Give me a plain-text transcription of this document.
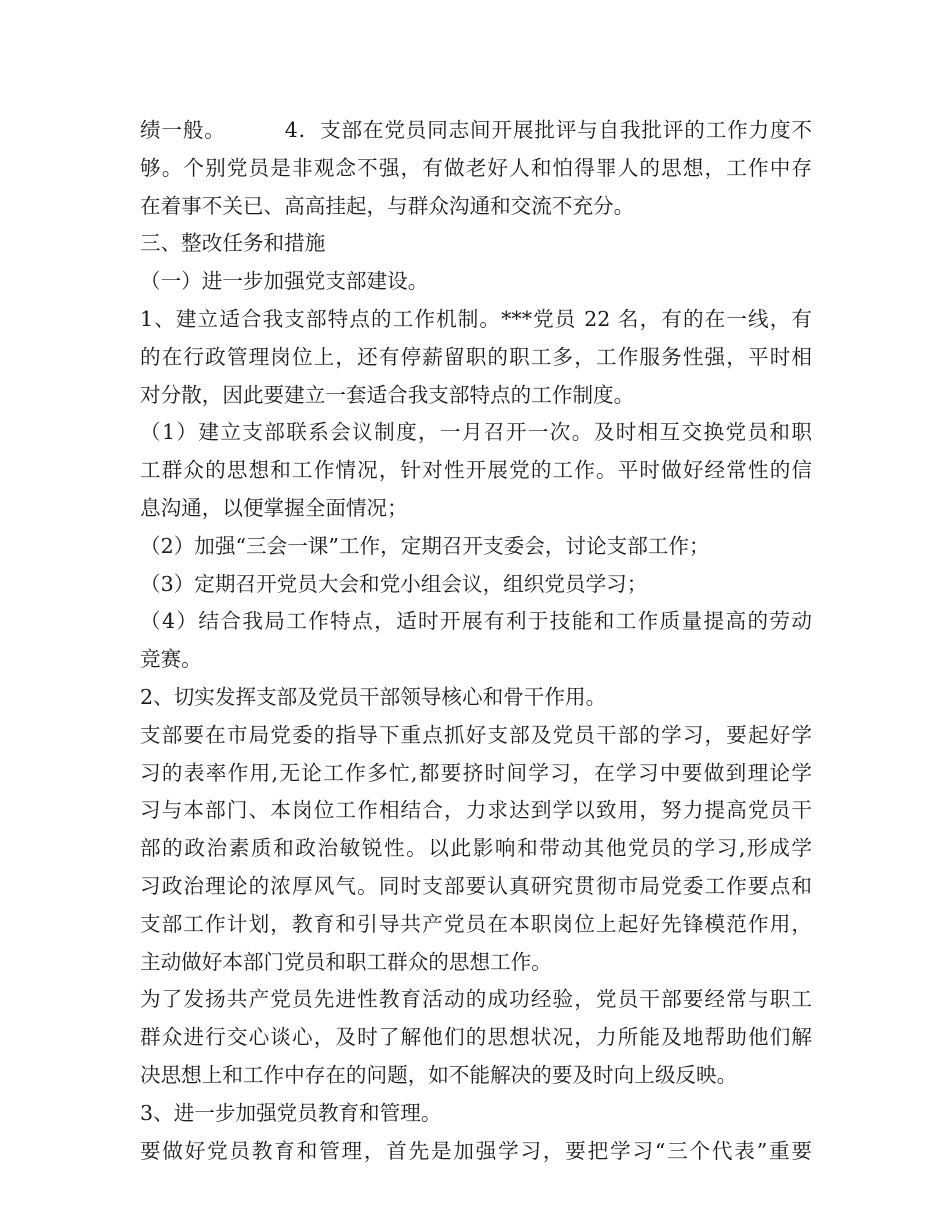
绩一般。        4．支部在党员同志间开展批评与自我批评的工作力度不
够。个别党员是非观念不强，有做老好人和怕得罪人的思想，工作中存
在着事不关已、高高挂起，与群众沟通和交流不充分。
三、整改任务和措施
（一）进一步加强党支部建设。
1、建立适合我支部特点的工作机制。***党员 22 名，有的在一线，有
的在行政管理岗位上，还有停薪留职的职工多，工作服务性强，平时相
对分散，因此要建立一套适合我支部特点的工作制度。
（1）建立支部联系会议制度，一月召开一次。及时相互交换党员和职
工群众的思想和工作情况，针对性开展党的工作。平时做好经常性的信
息沟通，以便掌握全面情况；
（2）加强“三会一课”工作，定期召开支委会，讨论支部工作；
（3）定期召开党员大会和党小组会议，组织党员学习；
（4）结合我局工作特点，适时开展有利于技能和工作质量提高的劳动
竞赛。
2、切实发挥支部及党员干部领导核心和骨干作用。
支部要在市局党委的指导下重点抓好支部及党员干部的学习，要起好学
习的表率作用,无论工作多忙,都要挤时间学习，在学习中要做到理论学
习与本部门、本岗位工作相结合，力求达到学以致用，努力提高党员干
部的政治素质和政治敏锐性。以此影响和带动其他党员的学习,形成学
习政治理论的浓厚风气。同时支部要认真研究贯彻市局党委工作要点和
支部工作计划，教育和引导共产党员在本职岗位上起好先锋模范作用，
主动做好本部门党员和职工群众的思想工作。
为了发扬共产党员先进性教育活动的成功经验，党员干部要经常与职工
群众进行交心谈心，及时了解他们的思想状况，力所能及地帮助他们解
决思想上和工作中存在的问题，如不能解决的要及时向上级反映。
3、进一步加强党员教育和管理。
要做好党员教育和管理，首先是加强学习，要把学习“三个代表”重要
